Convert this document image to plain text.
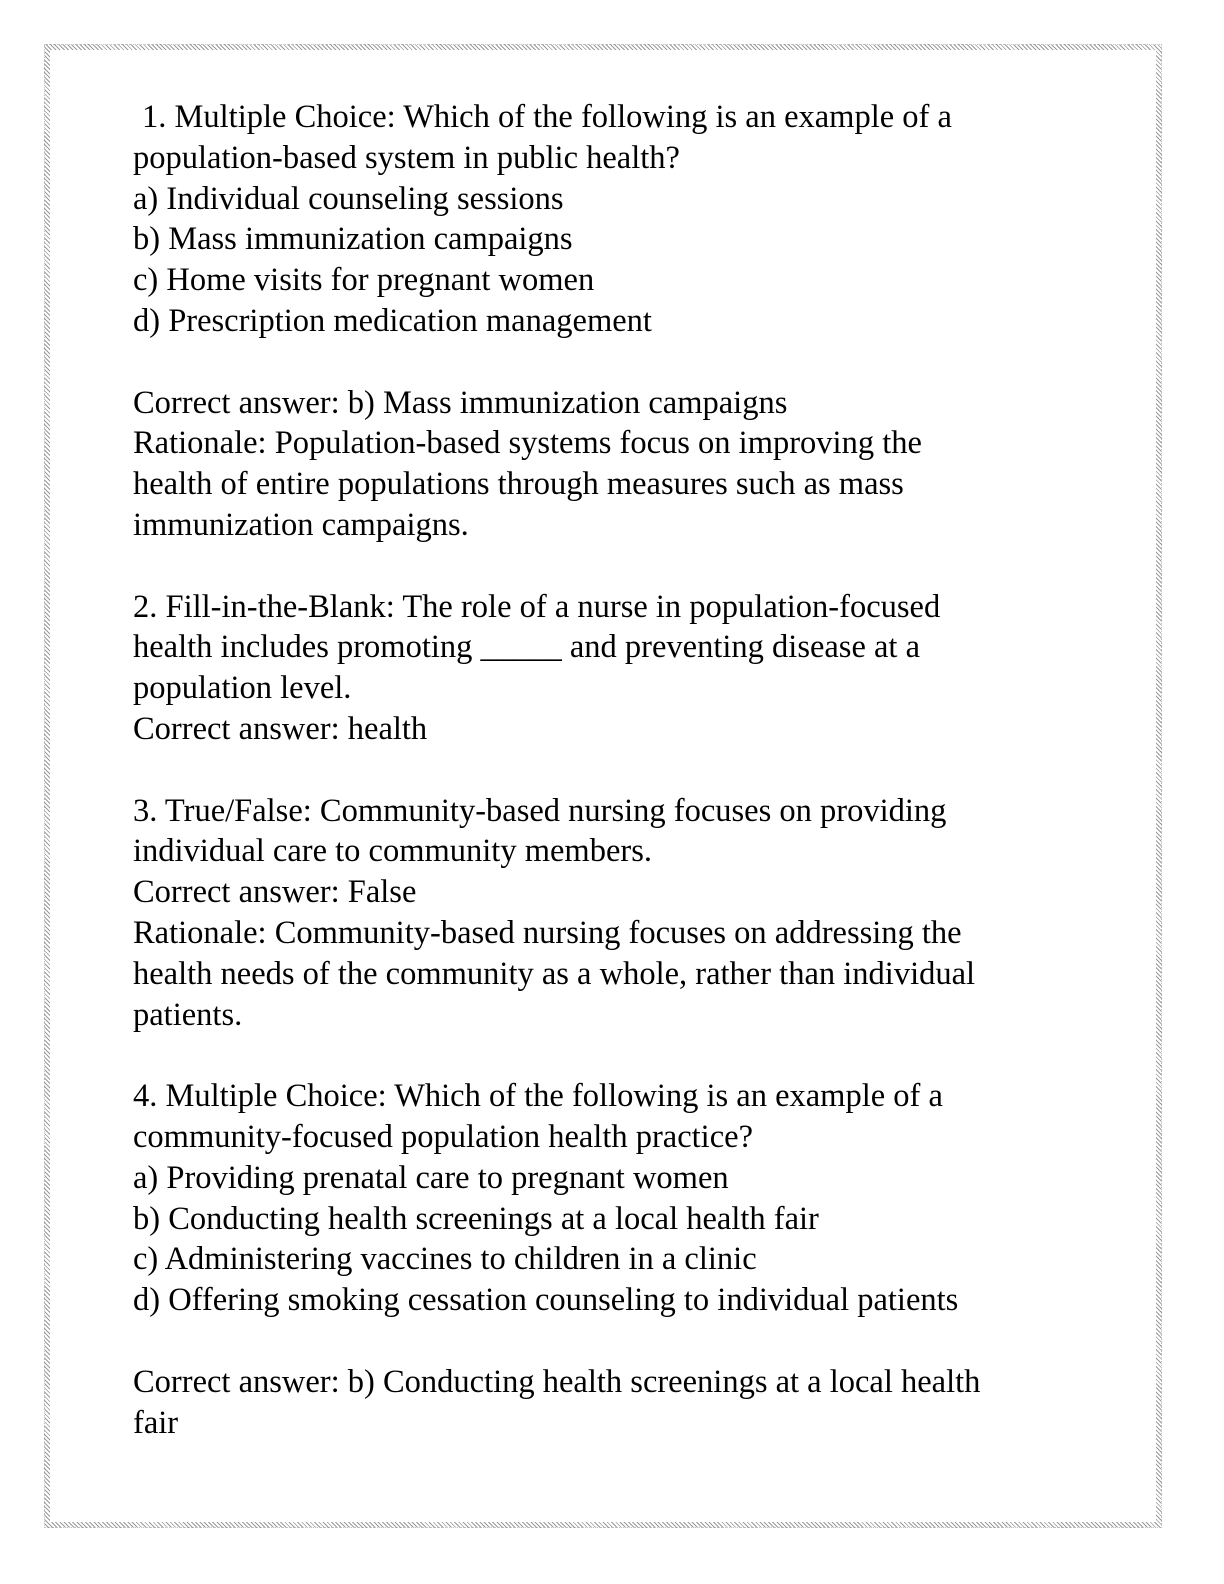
1. Multiple Choice: Which of the following is an example of a
population-based system in public health?
a) Individual counseling sessions
b) Mass immunization campaigns
c) Home visits for pregnant women
d) Prescription medication management
Correct answer: b) Mass immunization campaigns
Rationale: Population-based systems focus on improving the
health of entire populations through measures such as mass
immunization campaigns.
2. Fill-in-the-Blank: The role of a nurse in population-focused
health includes promoting _____ and preventing disease at a
population level.
Correct answer: health
3. True/False: Community-based nursing focuses on providing
individual care to community members.
Correct answer: False
Rationale: Community-based nursing focuses on addressing the
health needs of the community as a whole, rather than individual
patients.
4. Multiple Choice: Which of the following is an example of a
community-focused population health practice?
a) Providing prenatal care to pregnant women
b) Conducting health screenings at a local health fair
c) Administering vaccines to children in a clinic
d) Offering smoking cessation counseling to individual patients
Correct answer: b) Conducting health screenings at a local health
fair
